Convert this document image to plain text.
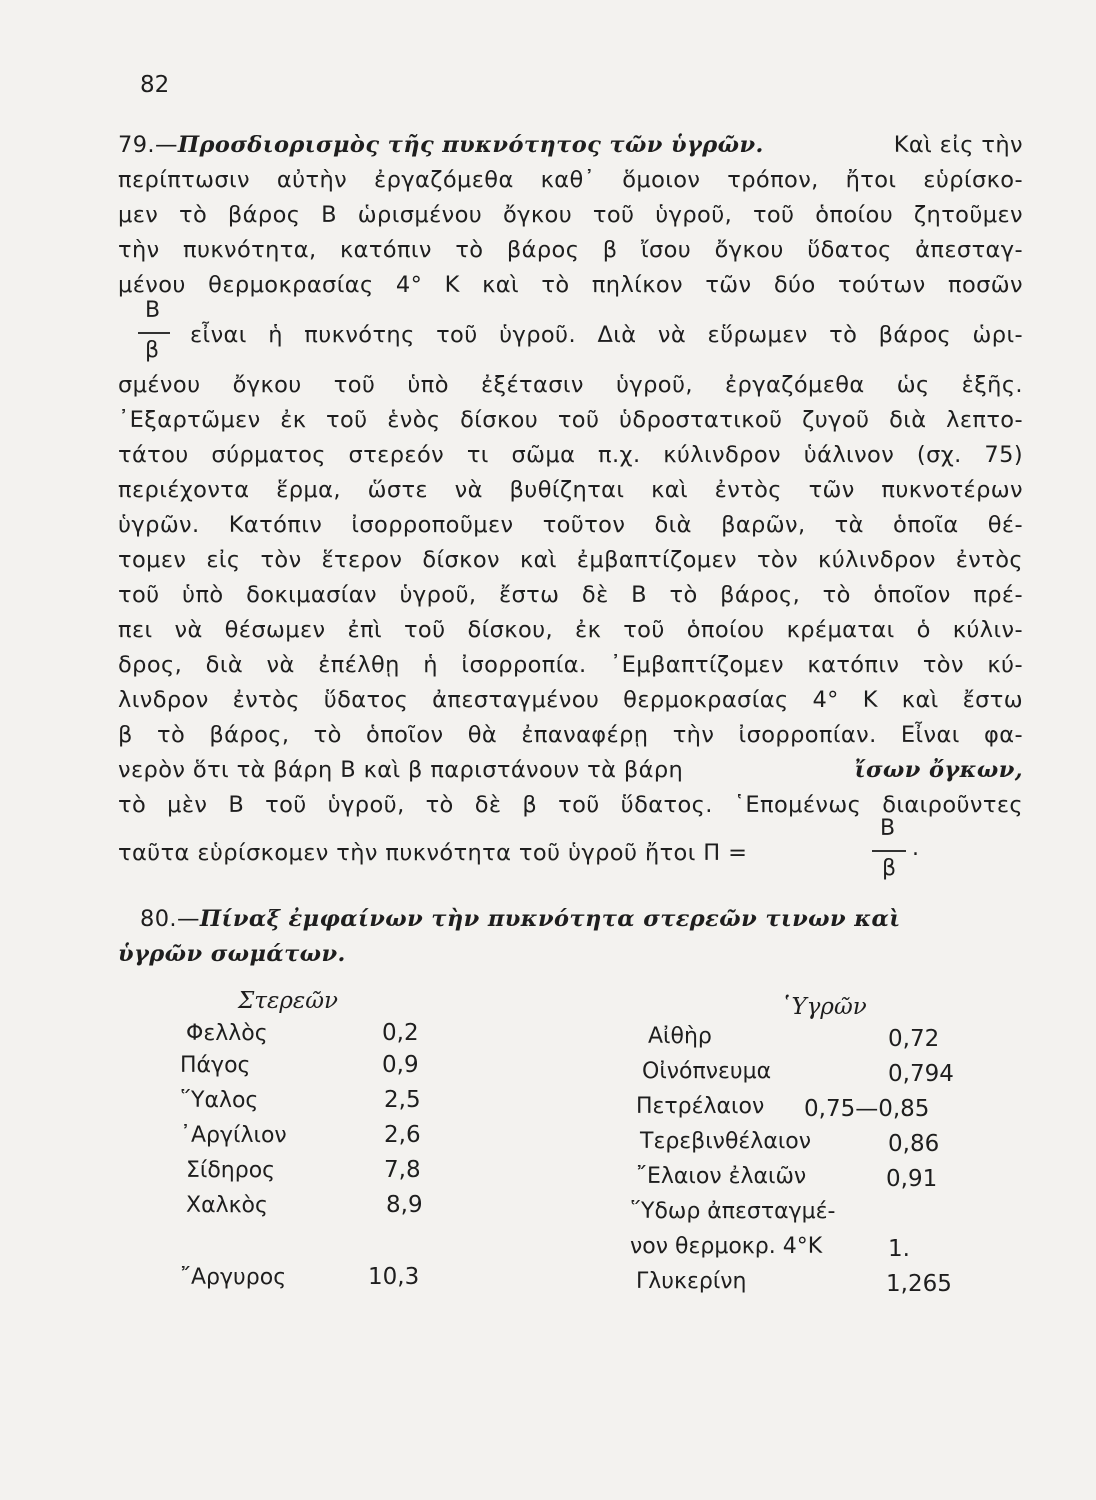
82
79.—Προσδιορισμὸς τῆς πυκνότητος τῶν ὑγρῶν.	Καὶ εἰς τὴν
περίπτωσιν αὐτὴν ἐργαζόμεθα καθ᾽ ὅμοιον τρόπον, ἤτοι εὑρίσκο-
μεν τὸ βάρος Β ὡρισμένου ὄγκου τοῦ ὑγροῦ, τοῦ ὁποίου ζητοῦμεν
τὴν πυκνότητα, κατόπιν τὸ βάρος β ἴσου ὄγκου ὕδατος ἀπεσταγ-
μένου θερμοκρασίας 4° Κ καὶ τὸ πηλίκον τῶν δύο τούτων ποσῶν
Β
β
εἶναι ἡ πυκνότης τοῦ ὑγροῦ. Διὰ νὰ εὕρωμεν τὸ βάρος ὡρι-
σμένου ὄγκου τοῦ ὑπὸ ἐξέτασιν ὑγροῦ, ἐργαζόμεθα ὡς ἑξῆς.
᾿Εξαρτῶμεν ἐκ τοῦ ἑνὸς δίσκου τοῦ ὑδροστατικοῦ ζυγοῦ διὰ λεπτο-
τάτου σύρματος στερεόν τι σῶμα π.χ. κύλινδρον ὑάλινον (σχ. 75)
περιέχοντα ἕρμα, ὥστε νὰ βυθίζηται καὶ ἐντὸς τῶν πυκνοτέρων
ὑγρῶν. Κατόπιν ἰσορροποῦμεν τοῦτον διὰ βαρῶν, τὰ ὁποῖα θέ-
τομεν εἰς τὸν ἕτερον δίσκον καὶ ἐμβαπτίζομεν τὸν κύλινδρον ἐντὸς
τοῦ ὑπὸ δοκιμασίαν ὑγροῦ, ἔστω δὲ Β τὸ βάρος, τὸ ὁποῖον πρέ-
πει νὰ θέσωμεν ἐπὶ τοῦ δίσκου, ἐκ τοῦ ὁποίου κρέμαται ὁ κύλιν-
δρος, διὰ νὰ ἐπέλθῃ ἡ ἰσορροπία. ᾿Εμβαπτίζομεν κατόπιν τὸν κύ-
λινδρον ἐντὸς ὕδατος ἀπεσταγμένου θερμοκρασίας 4° Κ καὶ ἔστω
β τὸ βάρος, τὸ ὁποῖον θὰ ἐπαναφέρῃ τὴν ἰσορροπίαν. Εἶναι φα-
νερὸν ὅτι τὰ βάρη Β καὶ β παριστάνουν τὰ βάρη	ἴσων ὄγκων,
τὸ μὲν Β τοῦ ὑγροῦ, τὸ δὲ β τοῦ ὕδατος. ῾Επομένως διαιροῦντες
ταῦτα εὑρίσκομεν τὴν πυκνότητα τοῦ ὑγροῦ ἤτοι Π =
Β
β
.
80.—Πίναξ ἐμφαίνων τὴν πυκνότητα στερεῶν τινων καὶ
ὑγρῶν σωμάτων.
Στερεῶν	῾Υγρῶν
Φελλὸς	0,2
Πάγος	0,9
῞Υαλος	2,5
᾿Αργίλιον	2,6
Σίδηρος	7,8
Χαλκὸς	8,9
῎Αργυρος	10,3
Αἰθὴρ	0,72
Οἰνόπνευμα	0,794
Πετρέλαιον 0,75—0,85
Τερεβινθέλαιον	0,86
῎Ελαιον ἐλαιῶν	0,91
῞Υδωρ ἀπεσταγμέ-
νον θερμοκρ. 4°Κ	1.
Γλυκερίνη	1,265
